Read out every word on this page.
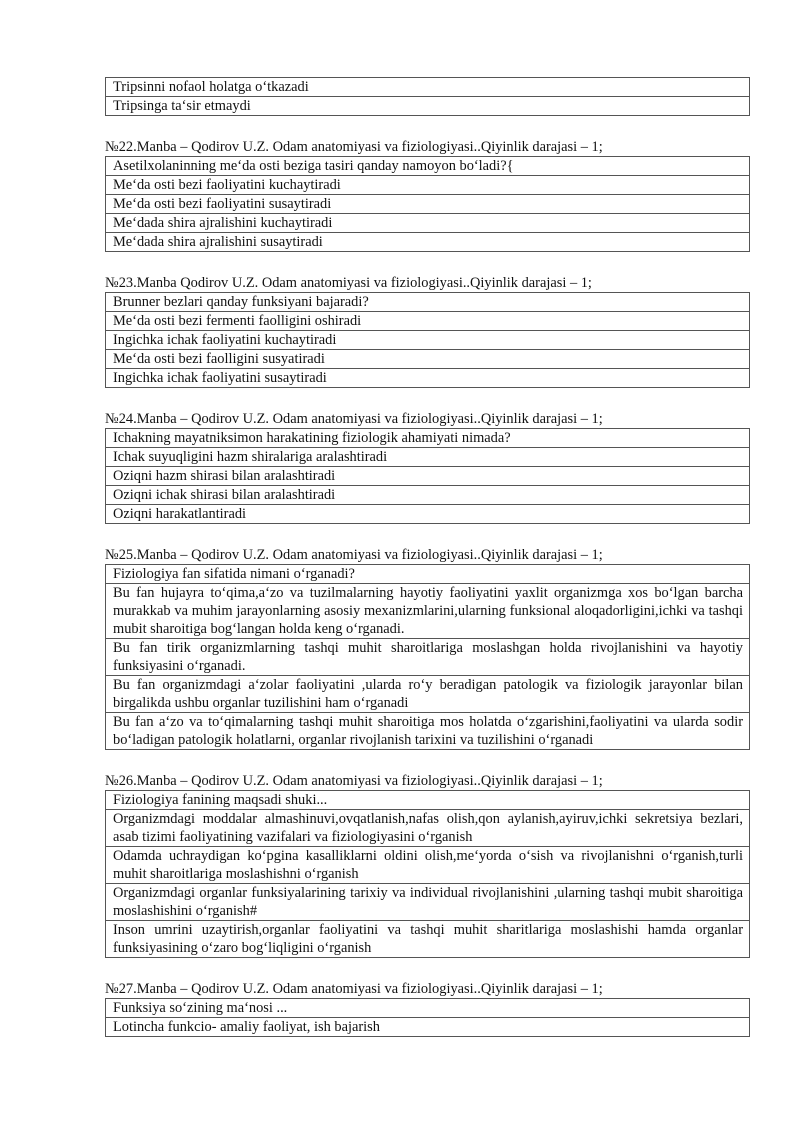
Tripsinni nofaol holatga o‘tkazadi
Tripsinga ta‘sir etmaydi
№22.Manba – Qodirov U.Z. Odam anatomiyasi va fiziologiyasi..Qiyinlik darajasi – 1;
Asetilxolaninning me‘da osti beziga tasiri qanday namoyon bo‘ladi?{
Me‘da osti bezi faoliyatini kuchaytiradi
Me‘da osti bezi faoliyatini susaytiradi
Me‘dada shira ajralishini kuchaytiradi
Me‘dada shira ajralishini susaytiradi
№23.Manba Qodirov U.Z. Odam anatomiyasi va fiziologiyasi..Qiyinlik darajasi – 1;
Brunner bezlari qanday funksiyani bajaradi?
Me‘da osti bezi fermenti faolligini oshiradi
Ingichka ichak faoliyatini kuchaytiradi
Me‘da osti bezi faolligini susyatiradi
Ingichka ichak faoliyatini susaytiradi
№24.Manba – Qodirov U.Z. Odam anatomiyasi va fiziologiyasi..Qiyinlik darajasi – 1;
Ichakning mayatniksimon harakatining fiziologik ahamiyati nimada?
Ichak suyuqligini hazm shiralariga aralashtiradi
Oziqni hazm shirasi bilan aralashtiradi
Oziqni ichak shirasi bilan aralashtiradi
Oziqni harakatlantiradi
№25.Manba – Qodirov U.Z. Odam anatomiyasi va fiziologiyasi..Qiyinlik darajasi – 1;
Fiziologiya fan sifatida nimani o‘rganadi?
Bu fan hujayra to‘qima,a‘zo va tuzilmalarning hayotiy faoliyatini yaxlit organizmga xos bo‘lgan barcha murakkab va muhim jarayonlarning asosiy mexanizmlarini,ularning funksional aloqadorligini,ichki va tashqi mubit sharoitiga bog‘langan holda keng o‘rganadi.
Bu fan tirik organizmlarning tashqi muhit sharoitlariga moslashgan holda rivojlanishini va hayotiy funksiyasini o‘rganadi.
Bu fan organizmdagi a‘zolar faoliyatini ,ularda ro‘y beradigan patologik va fiziologik jarayonlar bilan birgalikda ushbu organlar tuzilishini ham o‘rganadi
Bu fan a‘zo va to‘qimalarning tashqi muhit sharoitiga mos holatda o‘zgarishini,faoliyatini va ularda sodir bo‘ladigan patologik holatlarni, organlar rivojlanish tarixini va tuzilishini o‘rganadi
№26.Manba – Qodirov U.Z. Odam anatomiyasi va fiziologiyasi..Qiyinlik darajasi – 1;
Fiziologiya fanining maqsadi shuki...
Organizmdagi moddalar almashinuvi,ovqatlanish,nafas olish,qon aylanish,ayiruv,ichki sekretsiya bezlari, asab tizimi faoliyatining vazifalari va fiziologiyasini o‘rganish
Odamda uchraydigan ko‘pgina kasalliklarni oldini olish,me‘yorda o‘sish va rivojlanishni o‘rganish,turli muhit sharoitlariga moslashishni o‘rganish
Organizmdagi organlar funksiyalarining tarixiy va individual rivojlanishini ,ularning tashqi mubit sharoitiga moslashishini o‘rganish#
Inson umrini uzaytirish,organlar faoliyatini va tashqi muhit sharitlariga moslashishi hamda organlar funksiyasining o‘zaro bog‘liqligini o‘rganish
№27.Manba – Qodirov U.Z. Odam anatomiyasi va fiziologiyasi..Qiyinlik darajasi – 1;
Funksiya so‘zining ma‘nosi ...
Lotincha funkcio- amaliy faoliyat, ish bajarish
